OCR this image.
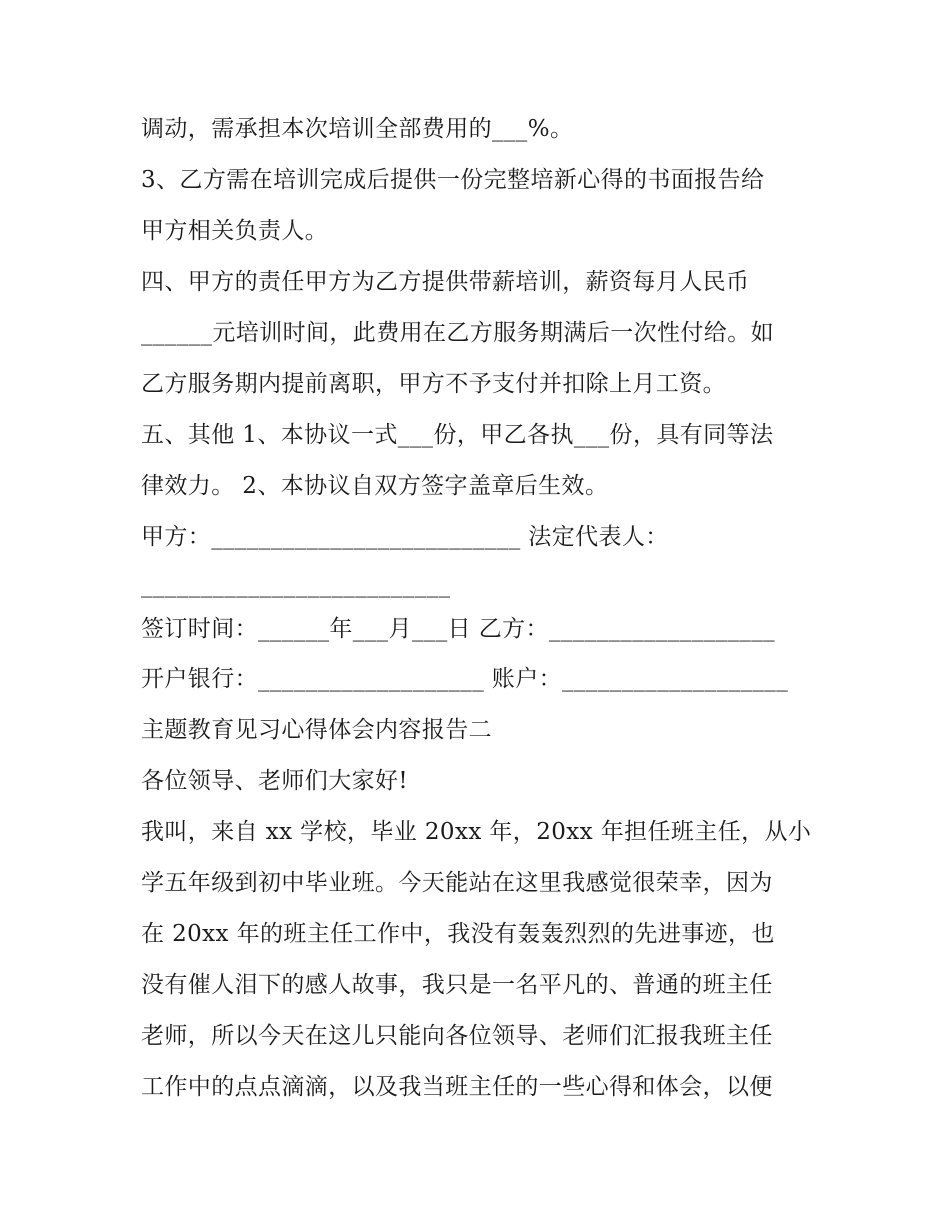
调动，需承担本次培训全部费用的___%。
3、乙方需在培训完成后提供一份完整培新心得的书面报告给
甲方相关负责人。
四、甲方的责任甲方为乙方提供带薪培训，薪资每月人民币
______元培训时间，此费用在乙方服务期满后一次性付给。如
乙方服务期内提前离职，甲方不予支付并扣除上月工资。
五、其他 1、本协议一式___份，甲乙各执___份，具有同等法
律效力。 2、本协议自双方签字盖章后生效。
甲方：__________________________ 法定代表人：
__________________________
签订时间：______年___月___日 乙方：___________________
开户银行：___________________ 账户：___________________
主题教育见习心得体会内容报告二
各位领导、老师们大家好!
我叫，来自 xx 学校，毕业 20xx 年，20xx 年担任班主任，从小
学五年级到初中毕业班。今天能站在这里我感觉很荣幸，因为
在 20xx 年的班主任工作中，我没有轰轰烈烈的先进事迹，也
没有催人泪下的感人故事，我只是一名平凡的、普通的班主任
老师，所以今天在这儿只能向各位领导、老师们汇报我班主任
工作中的点点滴滴，以及我当班主任的一些心得和体会，以便
